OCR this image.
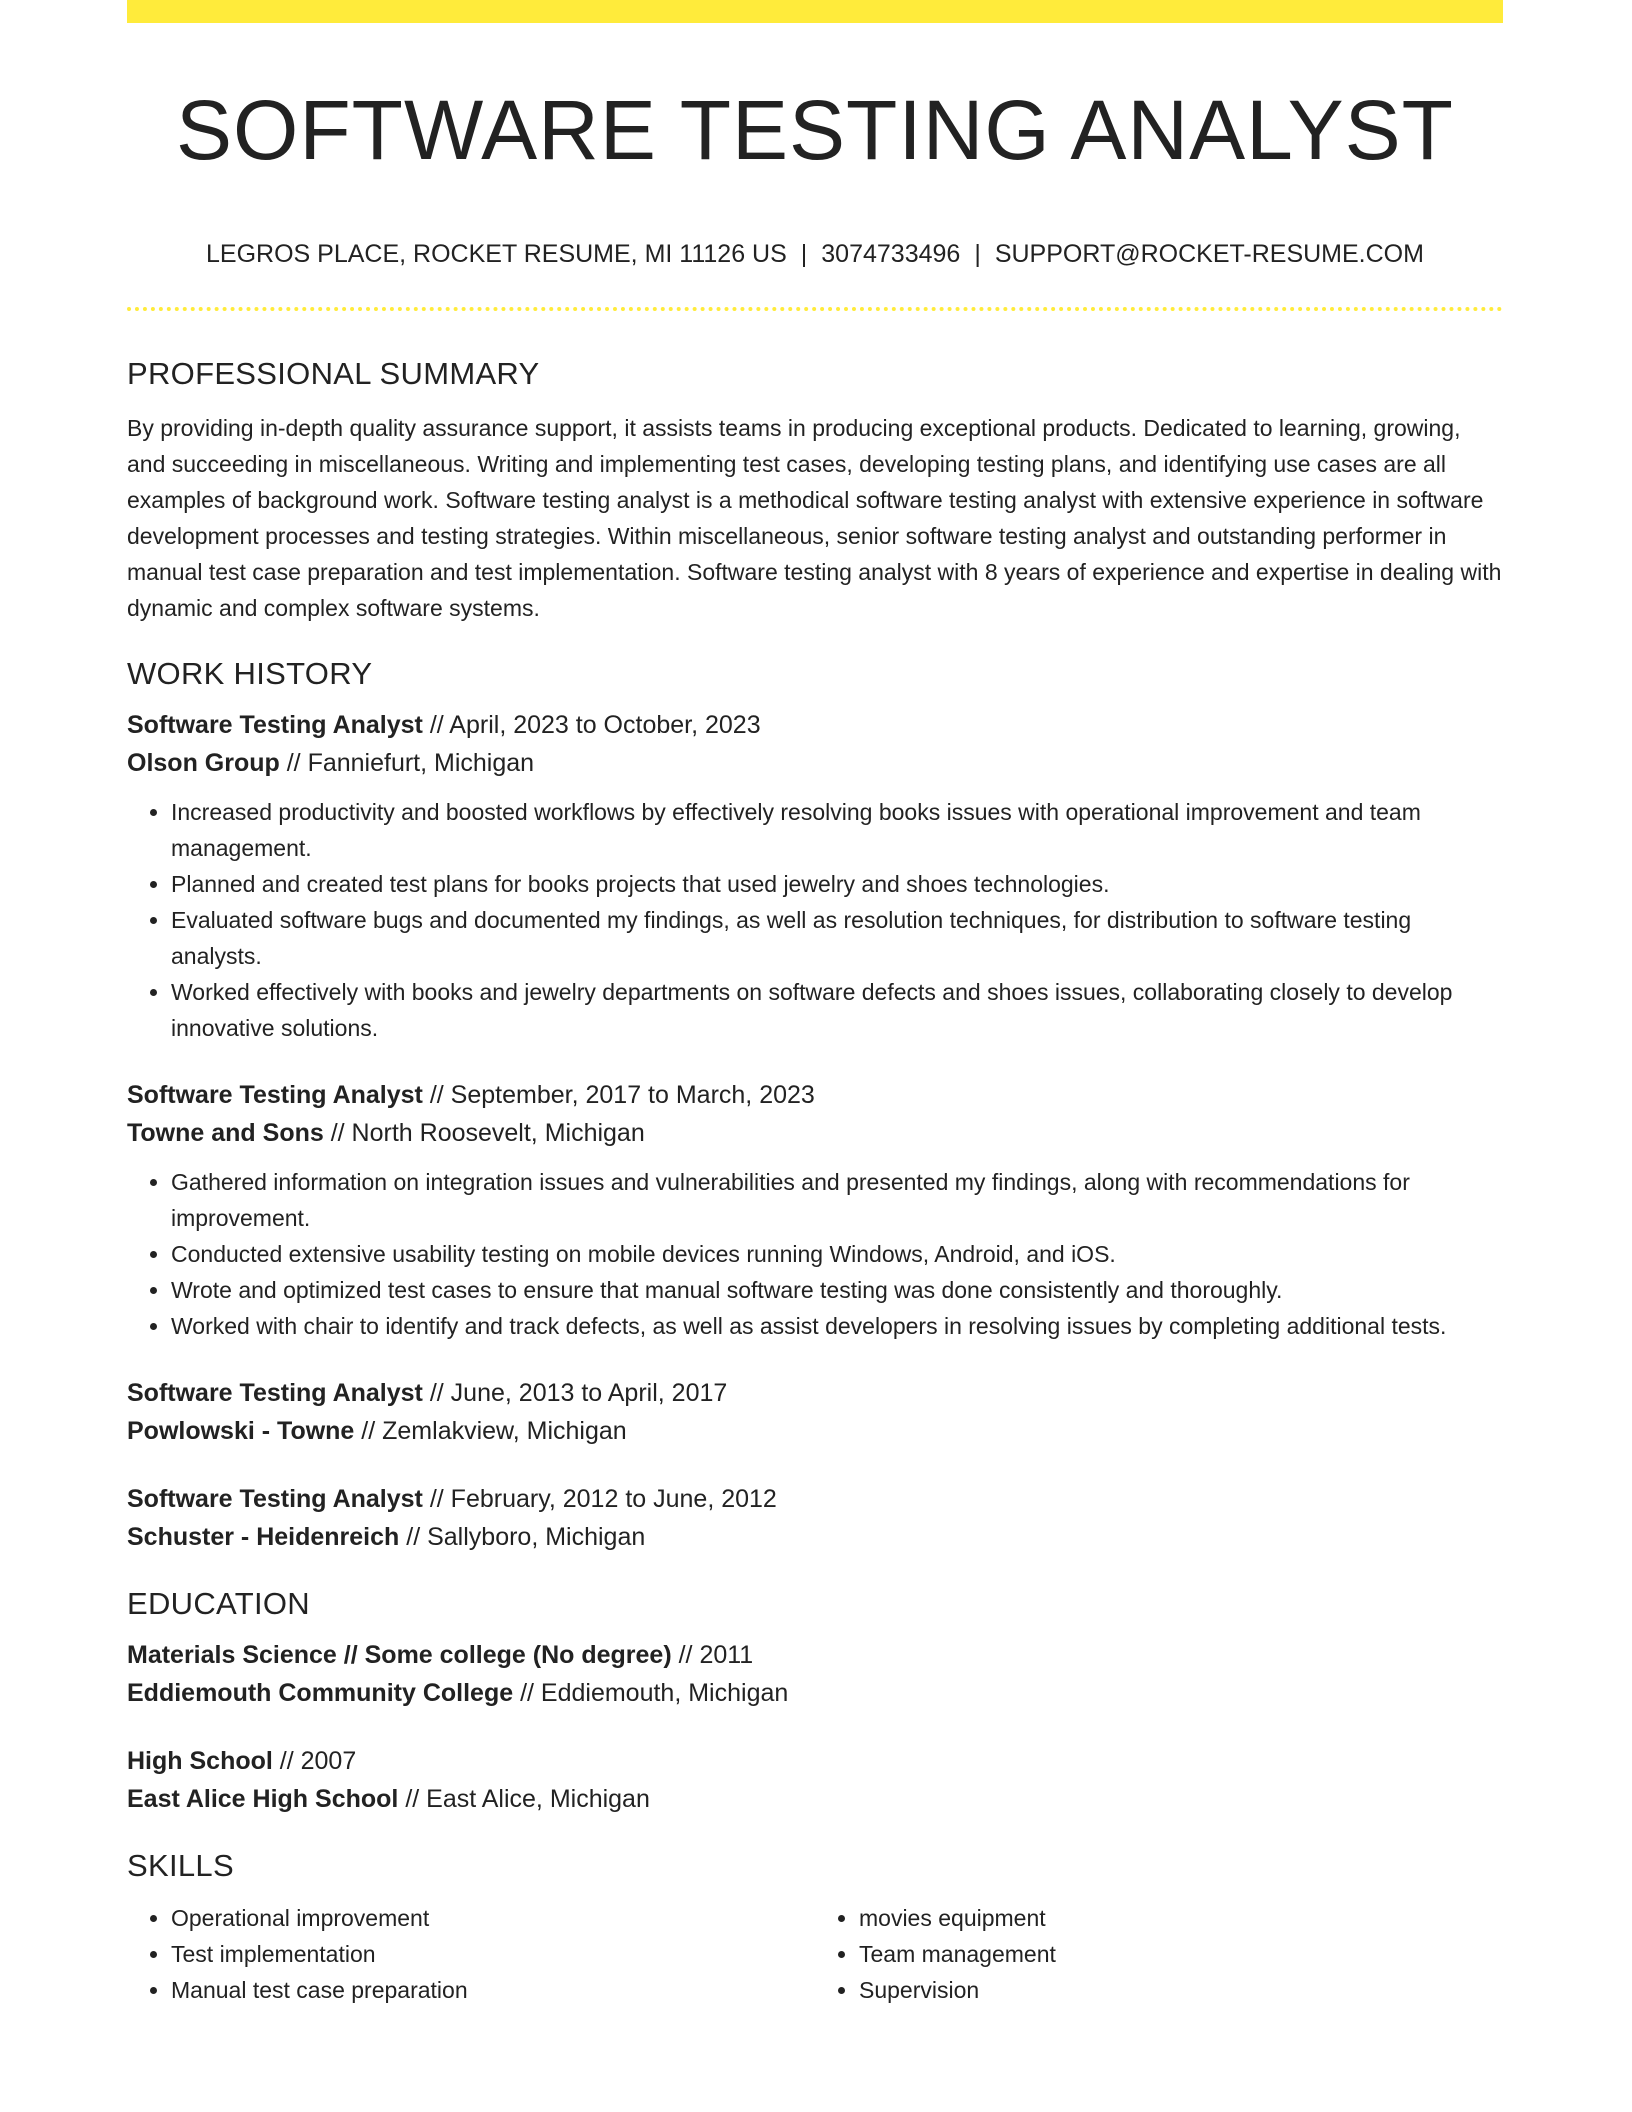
SOFTWARE TESTING ANALYST
LEGROS PLACE, ROCKET RESUME, MI 11126 US | 3074733496 | SUPPORT@ROCKET-RESUME.COM
PROFESSIONAL SUMMARY

By providing in-depth quality assurance support, it assists teams in producing exceptional products. Dedicated to learning, growing, and succeeding in miscellaneous. Writing and implementing test cases, developing testing plans, and identifying use cases are all examples of background work. Software testing analyst is a methodical software testing analyst with extensive experience in software development processes and testing strategies. Within miscellaneous, senior software testing analyst and outstanding performer in manual test case preparation and test implementation. Software testing analyst with 8 years of experience and expertise in dealing with dynamic and complex software systems.

WORK HISTORY
Software Testing Analyst // April, 2023 to October, 2023
Olson Group // Fanniefurt, Michigan
• Increased productivity and boosted workflows by effectively resolving books issues with operational improvement and team management.
• Planned and created test plans for books projects that used jewelry and shoes technologies.
• Evaluated software bugs and documented my findings, as well as resolution techniques, for distribution to software testing analysts.
• Worked effectively with books and jewelry departments on software defects and shoes issues, collaborating closely to develop innovative solutions.
Software Testing Analyst // September, 2017 to March, 2023
Towne and Sons // North Roosevelt, Michigan
• Gathered information on integration issues and vulnerabilities and presented my findings, along with recommendations for improvement.
• Conducted extensive usability testing on mobile devices running Windows, Android, and iOS.
• Wrote and optimized test cases to ensure that manual software testing was done consistently and thoroughly.
• Worked with chair to identify and track defects, as well as assist developers in resolving issues by completing additional tests.
Software Testing Analyst // June, 2013 to April, 2017
Powlowski - Towne // Zemlakview, Michigan
Software Testing Analyst // February, 2012 to June, 2012
Schuster - Heidenreich // Sallyboro, Michigan
EDUCATION
Materials Science // Some college (No degree) // 2011
Eddiemouth Community College // Eddiemouth, Michigan
High School // 2007
East Alice High School // East Alice, Michigan
SKILLS
• Operational improvement
• Test implementation
• Manual test case preparation
• movies equipment
• Team management
• Supervision
